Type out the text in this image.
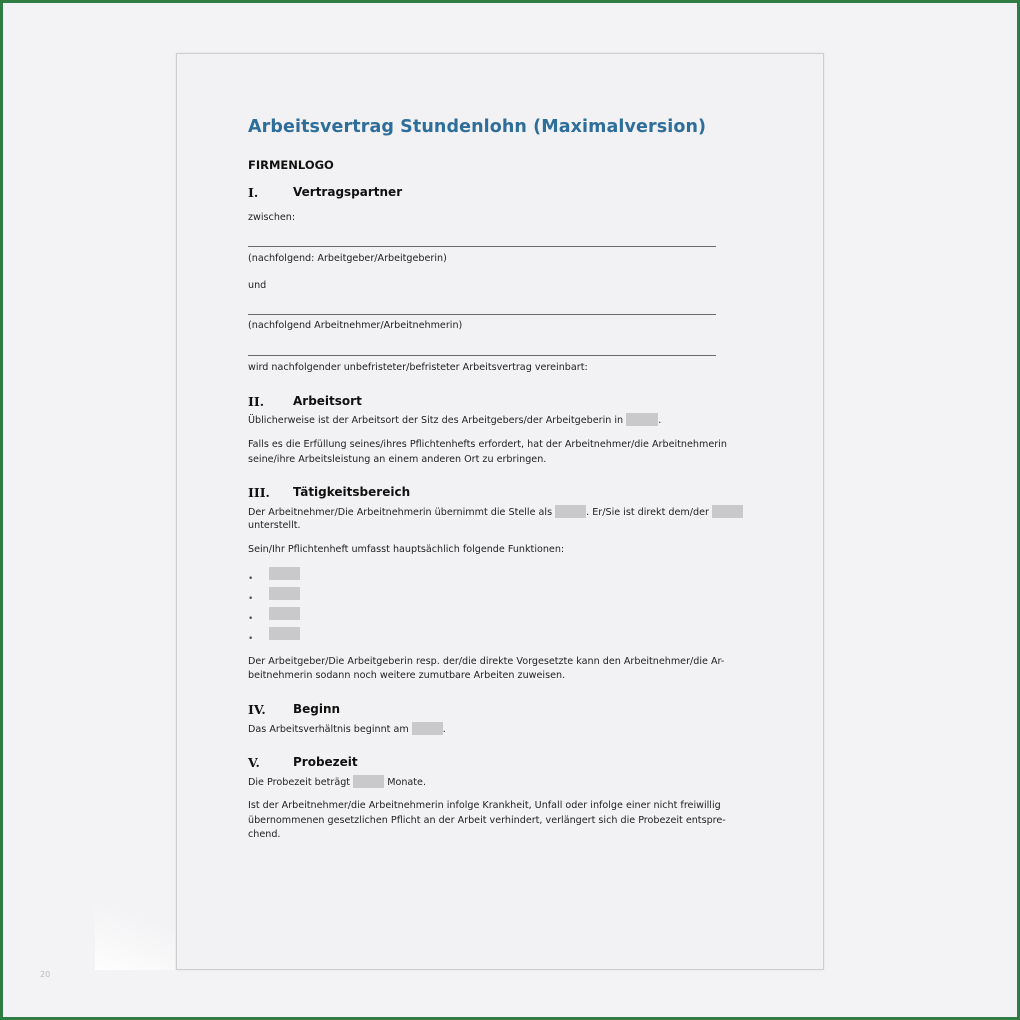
20
Arbeitsvertrag Stundenlohn (Maximalversion)
FIRMENLOGO
I.	Vertragspartner
zwischen:
(nachfolgend: Arbeitgeber/Arbeitgeberin)
und
(nachfolgend Arbeitnehmer/Arbeitnehmerin)
wird nachfolgender unbefristeter/befristeter Arbeitsvertrag vereinbart:
II. Arbeitsort
Üblicherweise ist der Arbeitsort der Sitz des Arbeitgebers/der Arbeitgeberin in	.
Falls es die Erfüllung seines/ihres Pflichtenhefts erfordert, hat der Arbeitnehmer/die Arbeitnehmerin
seine/ihre Arbeitsleistung an einem anderen Ort zu erbringen.
III. Tätigkeitsbereich
Der Arbeitnehmer/Die Arbeitnehmerin übernimmt die Stelle als	. Er/Sie ist direkt dem/der
unterstellt.
Sein/Ihr Pflichtenheft umfasst hauptsächlich folgende Funktionen:
•
•
•
•
Der Arbeitgeber/Die Arbeitgeberin resp. der/die direkte Vorgesetzte kann den Arbeitnehmer/die Ar-
beitnehmerin sodann noch weitere zumutbare Arbeiten zuweisen.
IV. Beginn
Das Arbeitsverhältnis beginnt am	.
V.	Probezeit
Die Probezeit beträgt	Monate.
Ist der Arbeitnehmer/die Arbeitnehmerin infolge Krankheit, Unfall oder infolge einer nicht freiwillig
übernommenen gesetzlichen Pflicht an der Arbeit verhindert, verlängert sich die Probezeit entspre-
chend.
